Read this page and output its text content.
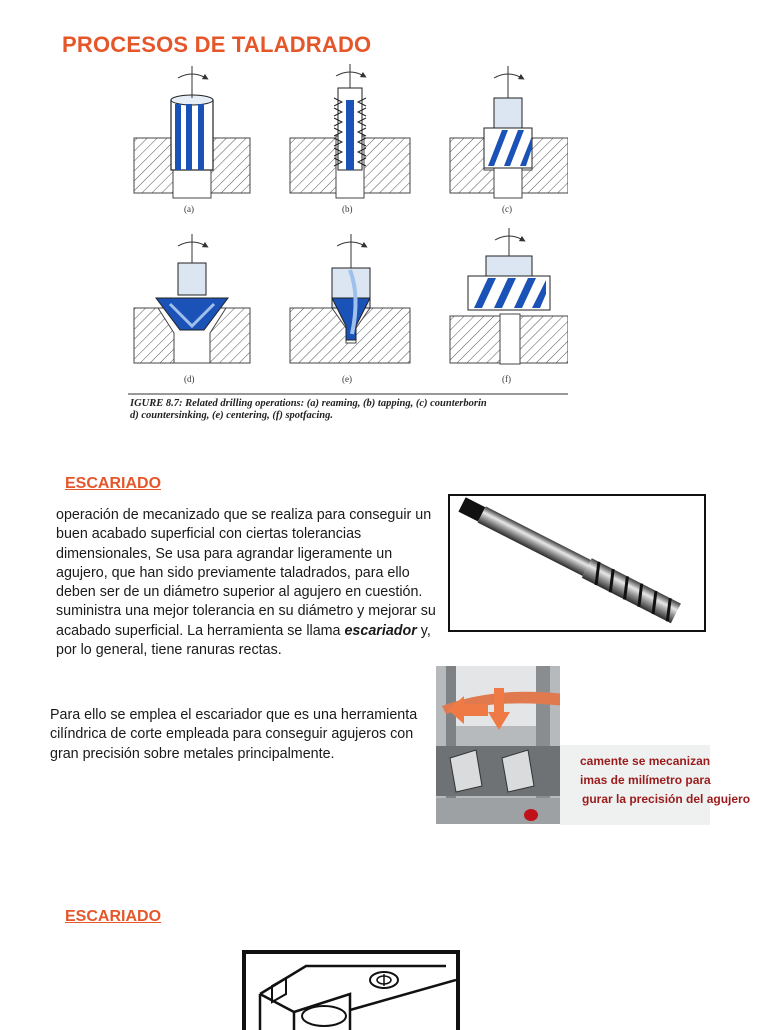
PROCESOS DE TALADRADO
(a)	(b)	(c)
(d)	(e)	(f)
IGURE 8.7: Related drilling operations: (a) reaming, (b) tapping, (c) counterborin
d) countersinking, (e) centering, (f) spotfacing.
ESCARIADO

operación de mecanizado que se realiza para conseguir un buen acabado superficial con ciertas tolerancias dimensionales, Se usa para agrandar ligeramente un agujero, que han sido previamente taladrados, para ello deben ser de un diámetro superior al agujero en cuestión. suministra una mejor tolerancia en su diámetro y mejorar su acabado superficial. La herramienta se llama escariador y, por lo general, tiene ranuras rectas.

Para ello se emplea el escariador que es una herramienta cilíndrica de corte empleada para conseguir agujeros con gran precisión sobre metales principalmente.	camente se mecanizan
imas de milímetro para
gurar la precisión del agujero
ESCARIADO
